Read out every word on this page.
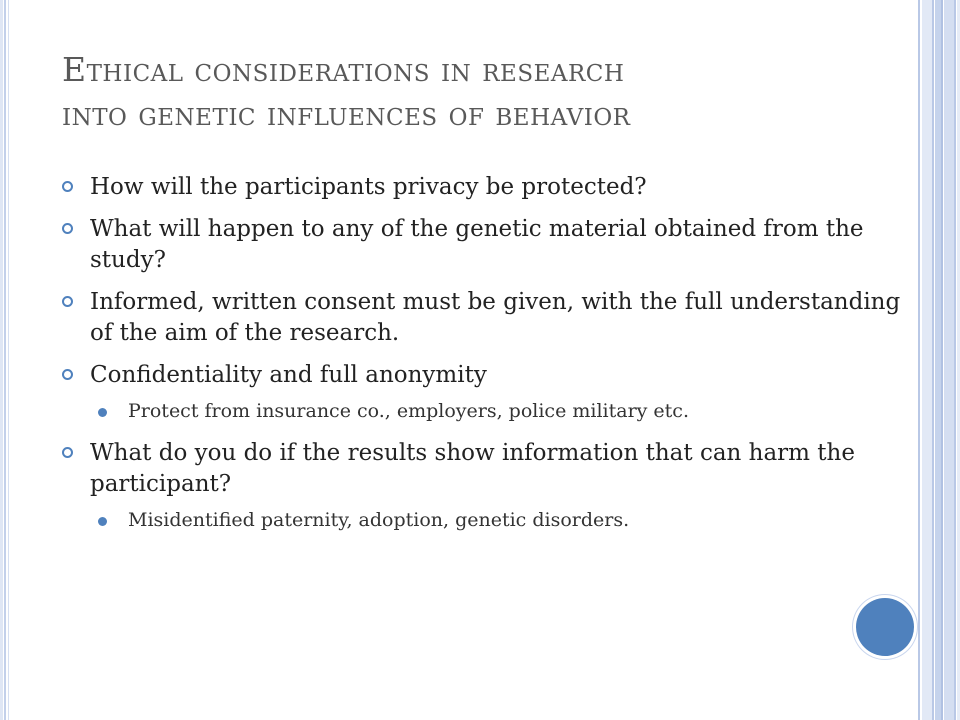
Ethical considerations in research
into genetic influences of behavior
How will the participants privacy be protected?
What will happen to any of the genetic material obtained from the study?
Informed, written consent must be given, with the full understanding of the aim of the research.
Confidentiality and full anonymity
Protect from insurance co., employers, police military etc.
What do you do if the results show information that can harm the participant?
Misidentified paternity, adoption, genetic disorders.
